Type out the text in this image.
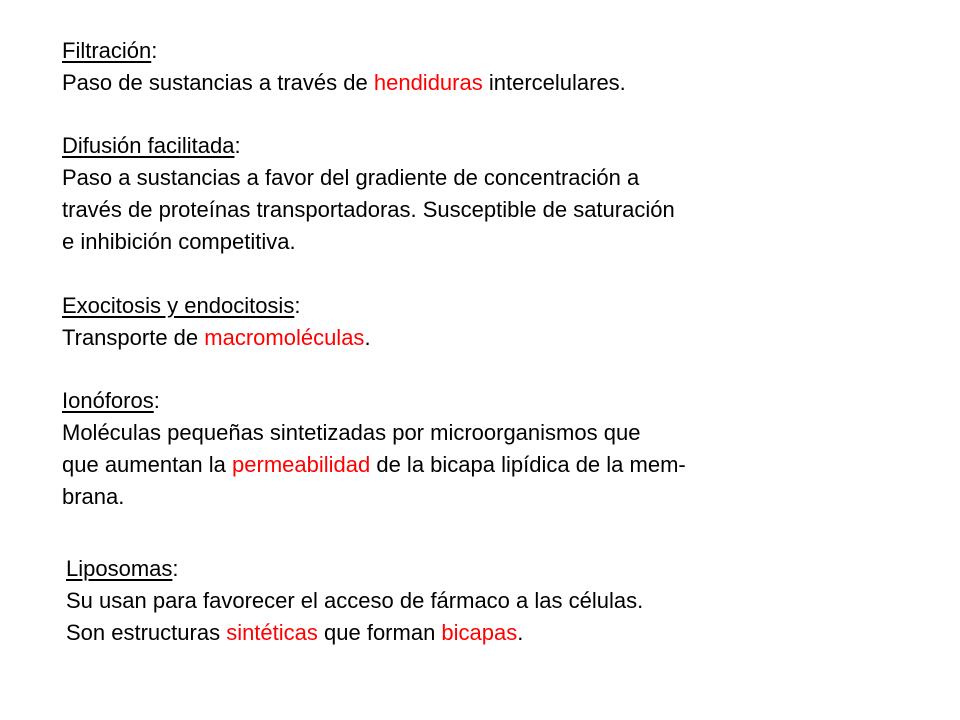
Filtración:
Paso de sustancias a través de hendiduras intercelulares.
Difusión facilitada:
Paso a sustancias a favor del gradiente de concentración a
través de proteínas transportadoras. Susceptible de saturación
e inhibición competitiva.
Exocitosis y endocitosis:
Transporte de macromoléculas.
Ionóforos:
Moléculas pequeñas sintetizadas por microorganismos que
que aumentan la permeabilidad de la bicapa lipídica de la mem-
brana.
Liposomas:
Su usan para favorecer el acceso de fármaco a las células.
Son estructuras sintéticas que forman bicapas.
